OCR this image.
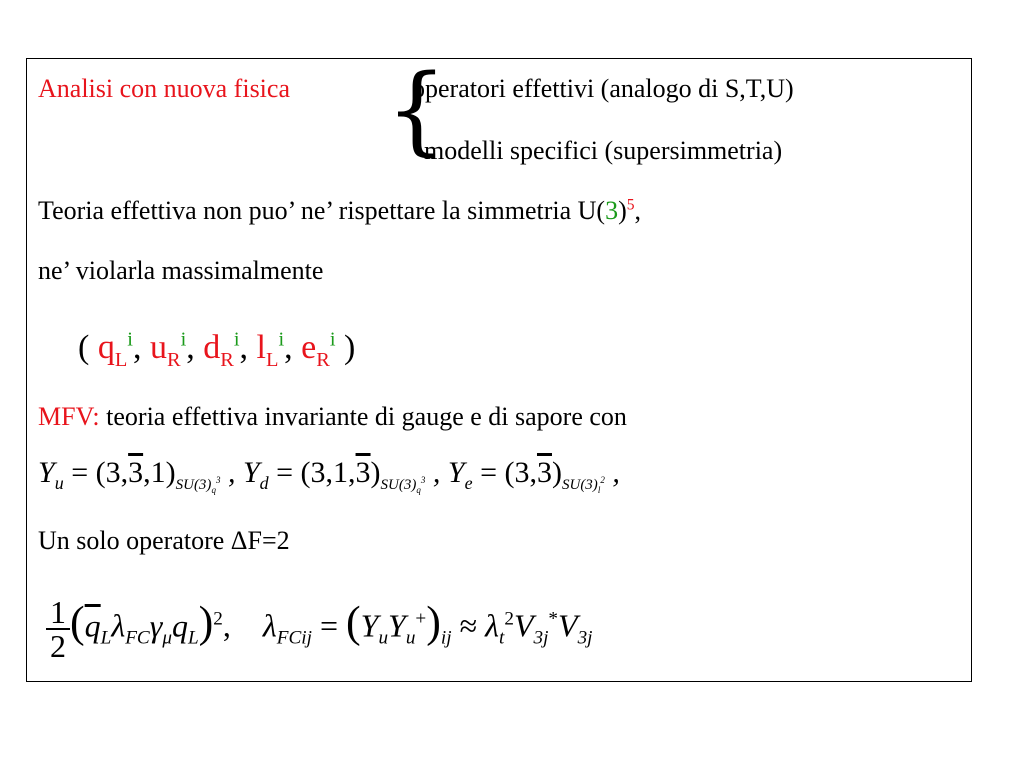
Analisi con nuova fisica {
operatori effettivi (analogo di S,T,U)
modelli specifici (supersimmetria)
Teoria effettiva non puo’ ne’ rispettare la simmetria $U(3)^5$,
ne’ violarla massimalmente
( $q_L^i$, $u_R^i$, $d_R^i$, $l_L^i$, $e_R^i$ )
MFV: teoria effettiva invariante di gauge e di sapore con
$Y_u = (3,3,1)_{SU(3)_q^3}$ , $Y_d = (3,1,3)_{SU(3)_q^3}$ , $Y_e = (3,3)_{SU(3)_l^2}$ ,
Un solo operatore ΔF=2
$\frac{1}{2} (\overline{q}_L\lambda_{FC}\gamma_\mu q_L)^2$,    $\lambda_{FCij} = (Y_uY_u^+)_{ij} \approx \lambda_t^2V_{3j}^*V_{3j}$
